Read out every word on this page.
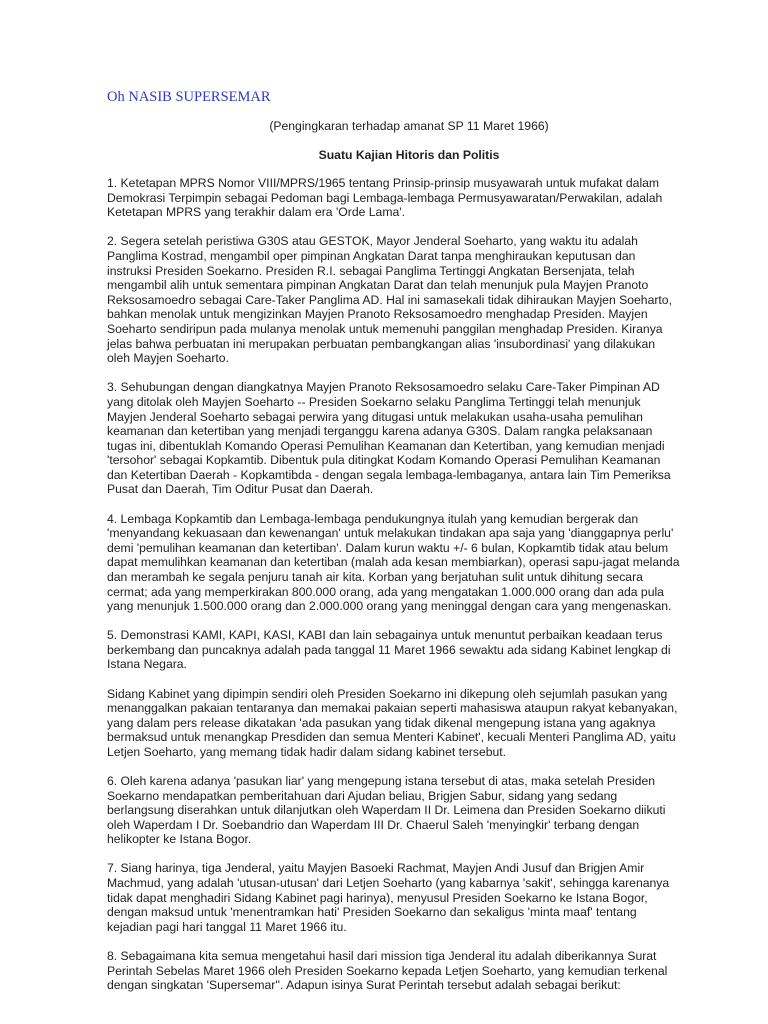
Oh NASIB SUPERSEMAR
(Pengingkaran terhadap amanat SP 11 Maret 1966)
Suatu Kajian Hitoris dan Politis
1. Ketetapan MPRS Nomor VIII/MPRS/1965 tentang Prinsip-prinsip musyawarah untuk mufakat dalam
Demokrasi Terpimpin sebagai Pedoman bagi Lembaga-lembaga Permusyawaratan/Perwakilan, adalah
Ketetapan MPRS yang terakhir dalam era 'Orde Lama'.
2. Segera setelah peristiwa G30S atau GESTOK, Mayor Jenderal Soeharto, yang waktu itu adalah
Panglima Kostrad, mengambil oper pimpinan Angkatan Darat tanpa menghiraukan keputusan dan
instruksi Presiden Soekarno. Presiden R.I. sebagai Panglima Tertinggi Angkatan Bersenjata, telah
mengambil alih untuk sementara pimpinan Angkatan Darat dan telah menunjuk pula Mayjen Pranoto
Reksosamoedro sebagai Care-Taker Panglima AD. Hal ini samasekali tidak dihiraukan Mayjen Soeharto,
bahkan menolak untuk mengizinkan Mayjen Pranoto Reksosamoedro menghadap Presiden. Mayjen
Soeharto sendiripun pada mulanya menolak untuk memenuhi panggilan menghadap Presiden. Kiranya
jelas bahwa perbuatan ini merupakan perbuatan pembangkangan alias 'insubordinasi' yang dilakukan
oleh Mayjen Soeharto.
3. Sehubungan dengan diangkatnya Mayjen Pranoto Reksosamoedro selaku Care-Taker Pimpinan AD
yang ditolak oleh Mayjen Soeharto -- Presiden Soekarno selaku Panglima Tertinggi telah menunjuk
Mayjen Jenderal Soeharto sebagai perwira yang ditugasi untuk melakukan usaha-usaha pemulihan
keamanan dan ketertiban yang menjadi terganggu karena adanya G30S. Dalam rangka pelaksanaan
tugas ini, dibentuklah Komando Operasi Pemulihan Keamanan dan Ketertiban, yang kemudian menjadi
'tersohor' sebagai Kopkamtib. Dibentuk pula ditingkat Kodam Komando Operasi Pemulihan Keamanan
dan Ketertiban Daerah - Kopkamtibda - dengan segala lembaga-lembaganya, antara lain Tim Pemeriksa
Pusat dan Daerah, Tim Oditur Pusat dan Daerah.
4. Lembaga Kopkamtib dan Lembaga-lembaga pendukungnya itulah yang kemudian bergerak dan
'menyandang kekuasaan dan kewenangan' untuk melakukan tindakan apa saja yang 'dianggapnya perlu'
demi 'pemulihan keamanan dan ketertiban'. Dalam kurun waktu +/- 6 bulan, Kopkamtib tidak atau belum
dapat memulihkan keamanan dan ketertiban (malah ada kesan membiarkan), operasi sapu-jagat melanda
dan merambah ke segala penjuru tanah air kita. Korban yang berjatuhan sulit untuk dihitung secara
cermat; ada yang memperkirakan 800.000 orang, ada yang mengatakan 1.000.000 orang dan ada pula
yang menunjuk 1.500.000 orang dan 2.000.000 orang yang meninggal dengan cara yang mengenaskan.
5. Demonstrasi KAMI, KAPI, KASI, KABI dan lain sebagainya untuk menuntut perbaikan keadaan terus
berkembang dan puncaknya adalah pada tanggal 11 Maret 1966 sewaktu ada sidang Kabinet lengkap di
Istana Negara.
Sidang Kabinet yang dipimpin sendiri oleh Presiden Soekarno ini dikepung oleh sejumlah pasukan yang
menanggalkan pakaian tentaranya dan memakai pakaian seperti mahasiswa ataupun rakyat kebanyakan,
yang dalam pers release dikatakan 'ada pasukan yang tidak dikenal mengepung istana yang agaknya
bermaksud untuk menangkap Presdiden dan semua Menteri Kabinet', kecuali Menteri Panglima AD, yaitu
Letjen Soeharto, yang memang tidak hadir dalam sidang kabinet tersebut.
6. Oleh karena adanya 'pasukan liar' yang mengepung istana tersebut di atas, maka setelah Presiden
Soekarno mendapatkan pemberitahuan dari Ajudan beliau, Brigjen Sabur, sidang yang sedang
berlangsung diserahkan untuk dilanjutkan oleh Waperdam II Dr. Leimena dan Presiden Soekarno diikuti
oleh Waperdam I Dr. Soebandrio dan Waperdam III Dr. Chaerul Saleh 'menyingkir' terbang dengan
helikopter ke Istana Bogor.
7. Siang harinya, tiga Jenderal, yaitu Mayjen Basoeki Rachmat, Mayjen Andi Jusuf dan Brigjen Amir
Machmud, yang adalah 'utusan-utusan' dari Letjen Soeharto (yang kabarnya 'sakit', sehingga karenanya
tidak dapat menghadiri Sidang Kabinet pagi harinya), menyusul Presiden Soekarno ke Istana Bogor,
dengan maksud untuk 'menentramkan hati' Presiden Soekarno dan sekaligus 'minta maaf' tentang
kejadian pagi hari tanggal 11 Maret 1966 itu.
8. Sebagaimana kita semua mengetahui hasil dari mission tiga Jenderal itu adalah diberikannya Surat
Perintah Sebelas Maret 1966 oleh Presiden Soekarno kepada Letjen Soeharto, yang kemudian terkenal
dengan singkatan 'Supersemar''. Adapun isinya Surat Perintah tersebut adalah sebagai berikut:
